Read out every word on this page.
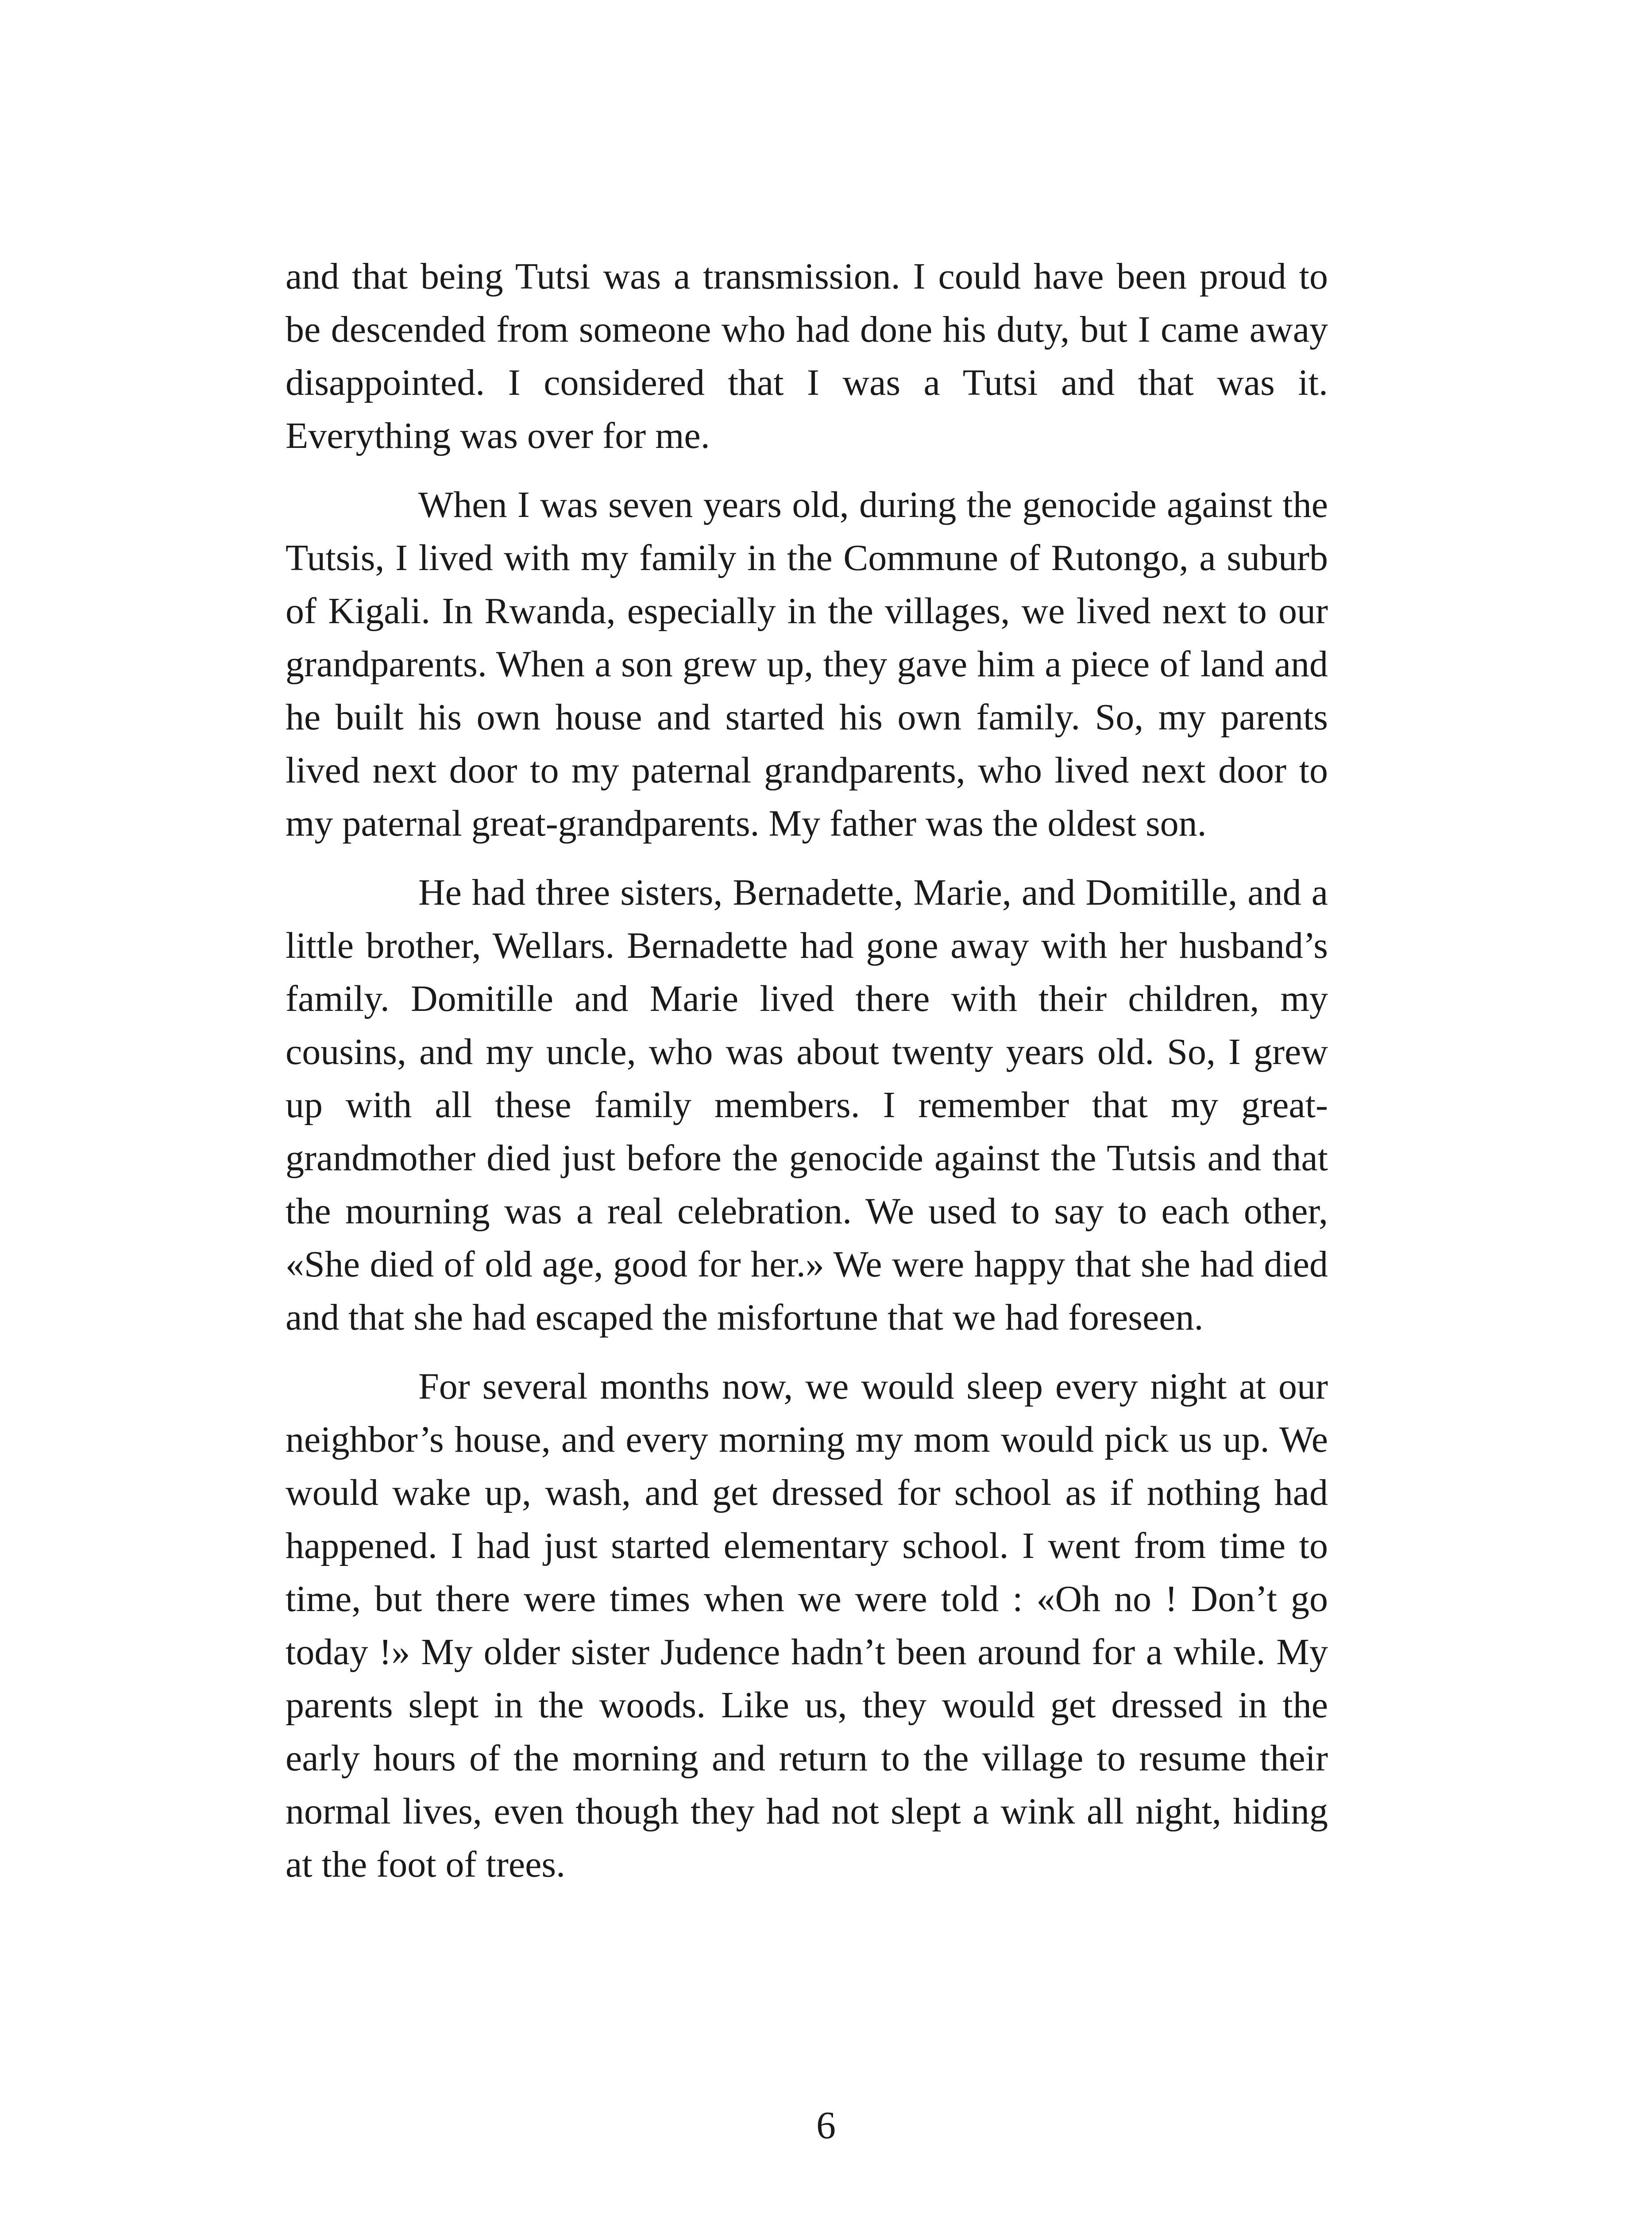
and that being Tutsi was a transmission. I could have been proud to be descended from someone who had done his duty, but I came away disappointed. I considered that I was a Tutsi and that was it. Everything was over for me.

When I was seven years old, during the genocide against the Tutsis, I lived with my family in the Commune of Rutongo, a suburb of Kigali. In Rwanda, especially in the villages, we lived next to our grandparents. When a son grew up, they gave him a piece of land and he built his own house and started his own family. So, my parents lived next door to my paternal grandparents, who lived next door to my paternal great-grandparents. My father was the oldest son.

He had three sisters, Bernadette, Marie, and Domitille, and a little brother, Wellars. Bernadette had gone away with her husband’s family. Domitille and Marie lived there with their children, my cousins, and my uncle, who was about twenty years old. So, I grew up with all these family members. I remember that my great-grandmother died just before the genocide against the Tutsis and that the mourning was a real celebration. We used to say to each other, «She died of old age, good for her.» We were happy that she had died and that she had escaped the misfortune that we had foreseen.

For several months now, we would sleep every night at our neighbor’s house, and every morning my mom would pick us up. We would wake up, wash, and get dressed for school as if nothing had happened. I had just started elementary school. I went from time to time, but there were times when we were told : «Oh no ! Don’t go today !» My older sister Judence hadn’t been around for a while. My parents slept in the woods. Like us, they would get dressed in the early hours of the morning and return to the village to resume their normal lives, even though they had not slept a wink all night, hiding at the foot of trees.

6
